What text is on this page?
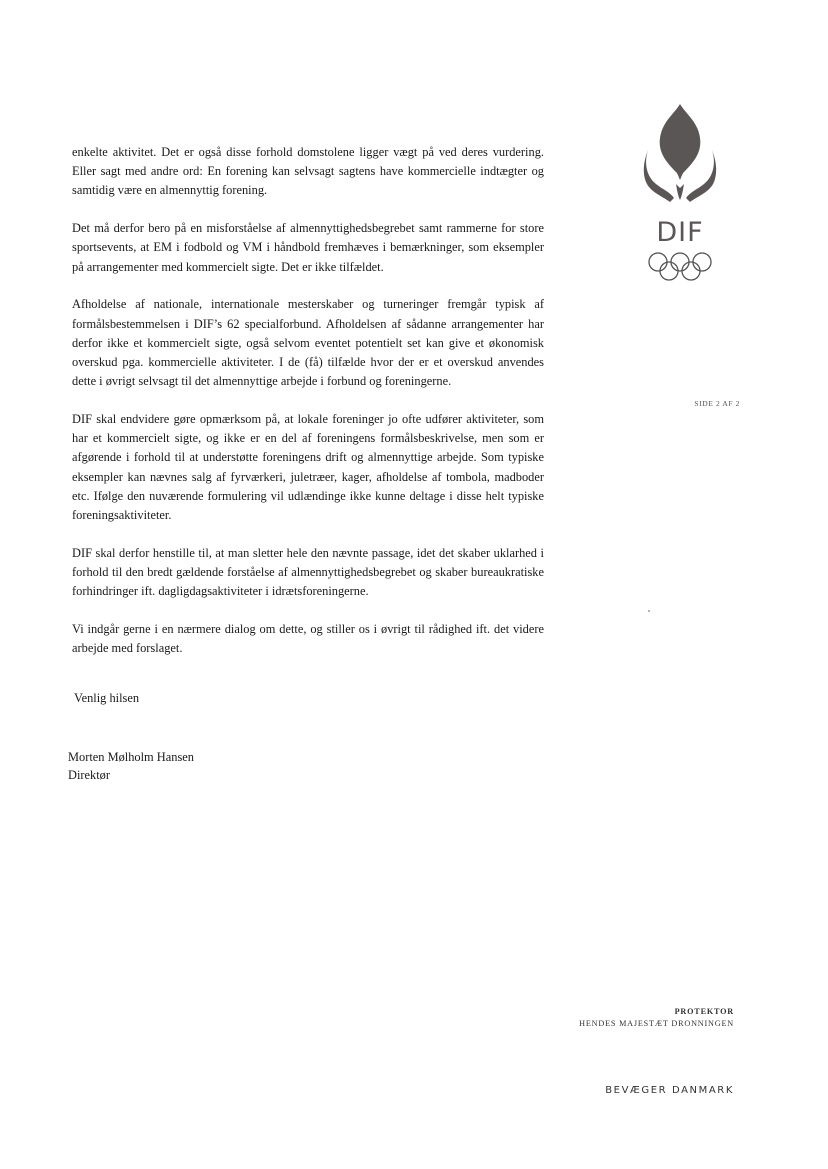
enkelte aktivitet. Det er også disse forhold domstolene ligger vægt på ved deres vurdering. Eller sagt med andre ord: En forening kan selvsagt sagtens have kommercielle indtægter og samtidig være en almennyttig forening.

Det må derfor bero på en misforståelse af almennyttighedsbegrebet samt rammerne for store sportsevents, at EM i fodbold og VM i håndbold fremhæves i bemærkninger, som eksempler på arrangementer med kommercielt sigte. Det er ikke tilfældet.

Afholdelse af nationale, internationale mesterskaber og turneringer fremgår typisk af formålsbestemmelsen i DIF’s 62 specialforbund. Afholdelsen af sådanne arrangementer har derfor ikke et kommercielt sigte, også selvom eventet potentielt set kan give et økonomisk overskud pga. kommercielle aktiviteter. I de (få) tilfælde hvor der er et overskud anvendes dette i øvrigt selvsagt til det almennyttige arbejde i forbund og foreningerne.

DIF skal endvidere gøre opmærksom på, at lokale foreninger jo ofte udfører aktiviteter, som har et kommercielt sigte, og ikke er en del af foreningens formålsbeskrivelse, men som er afgørende i forhold til at understøtte foreningens drift og almennyttige arbejde. Som typiske eksempler kan nævnes salg af fyrværkeri, juletræer, kager, afholdelse af tombola, madboder etc. Ifølge den nuværende formulering vil udlændinge ikke kunne deltage i disse helt typiske foreningsaktiviteter.

DIF skal derfor henstille til, at man sletter hele den nævnte passage, idet det skaber uklarhed i forhold til den bredt gældende forståelse af almennyttighedsbegrebet og skaber bureaukratiske forhindringer ift. dagligdagsaktiviteter i idrætsforeningerne.

Vi indgår gerne i en nærmere dialog om dette, og stiller os i øvrigt til rådighed ift. det videre arbejde med forslaget.

Venlig hilsen
Morten Mølholm Hansen
Direktør
DIF
SIDE 2 AF 2
PROTEKTOR
HENDES MAJESTÆT DRONNINGEN
BEVÆGER DANMARK
